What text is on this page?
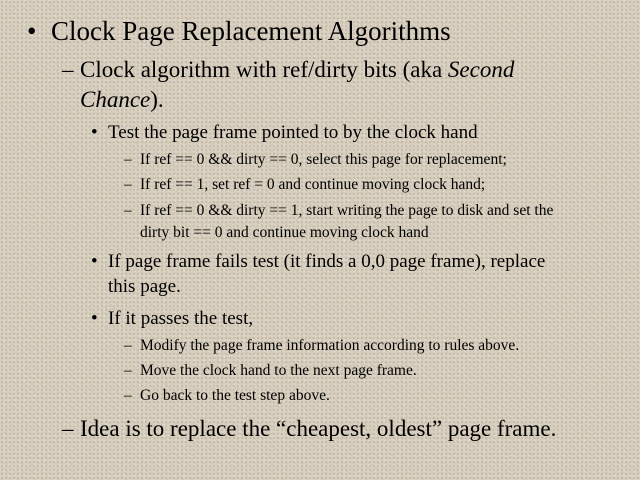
• Clock Page Replacement Algorithms
– Clock algorithm with ref/dirty bits (aka Second
Chance).
• Test the page frame pointed to by the clock hand
– If ref == 0 && dirty == 0, select this page for replacement;
– If ref == 1, set ref = 0 and continue moving clock hand;
– If ref == 0 && dirty == 1, start writing the page to disk and set the
dirty bit == 0 and continue moving clock hand
• If page frame fails test (it finds a 0,0 page frame), replace
this page.
• If it passes the test,
– Modify the page frame information according to rules above.
– Move the clock hand to the next page frame.
– Go back to the test step above.
– Idea is to replace the “cheapest, oldest” page frame.
